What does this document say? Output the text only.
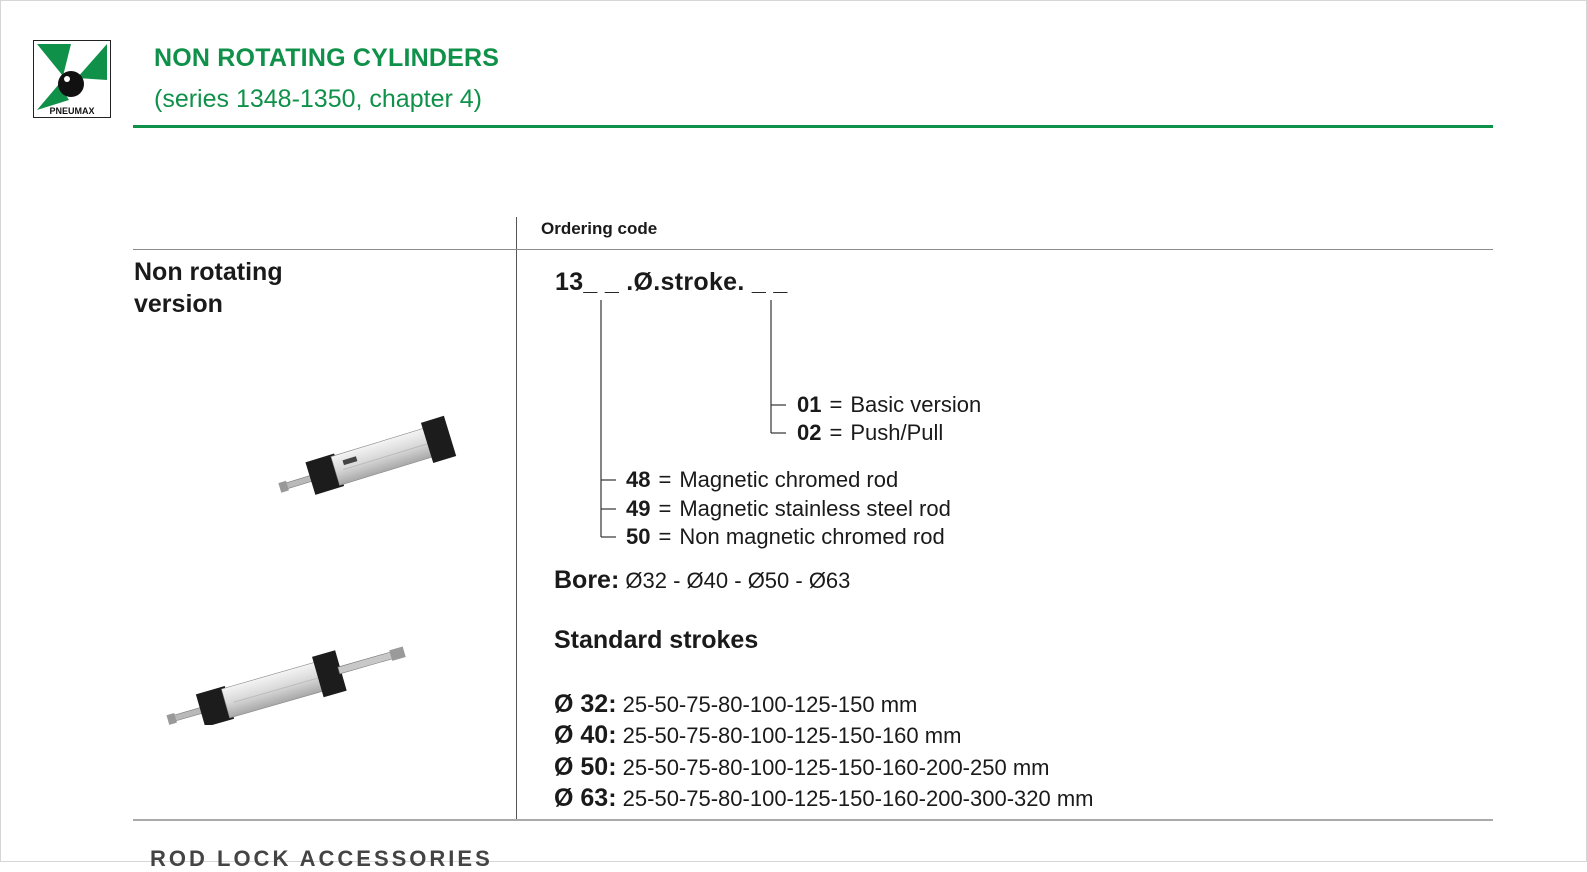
PNEUMAX
NON ROTATING CYLINDERS
(series 1348-1350, chapter 4)
Ordering code
Non rotating
version
13_ _ .Ø.stroke. _ _
01 = Basic version
02 = Push/Pull
48 = Magnetic chromed rod
49 = Magnetic stainless steel rod
50 = Non magnetic chromed rod
Bore: Ø32 - Ø40 - Ø50 - Ø63
Standard strokes
Ø 32: 25-50-75-80-100-125-150 mm
Ø 40: 25-50-75-80-100-125-150-160 mm
Ø 50: 25-50-75-80-100-125-150-160-200-250 mm
Ø 63: 25-50-75-80-100-125-150-160-200-300-320 mm
ROD LOCK ACCESSORIES
